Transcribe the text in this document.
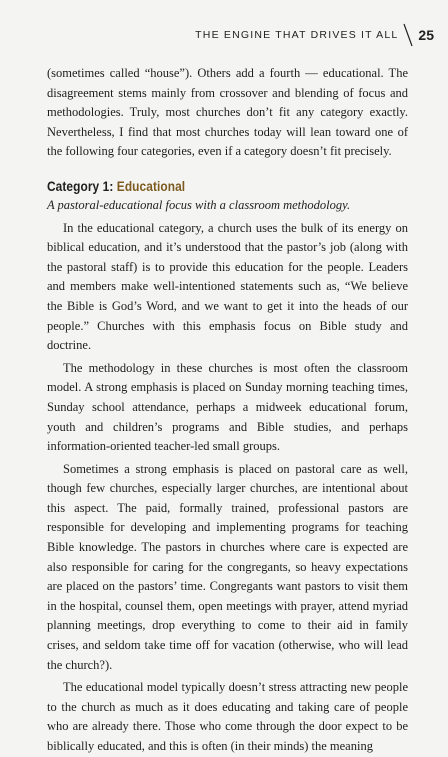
THE ENGINE THAT DRIVES IT ALL 25

(sometimes called “house”). Others add a fourth — educational. The disagreement stems mainly from crossover and blending of focus and methodologies. Truly, most churches don’t fit any category exactly. Nevertheless, I find that most churches today will lean toward one of the following four categories, even if a category doesn’t fit precisely.

Category 1: Educational

A pastoral-educational focus with a classroom methodology.

In the educational category, a church uses the bulk of its energy on biblical education, and it’s understood that the pastor’s job (along with the pastoral staff) is to provide this education for the people. Leaders and members make well-intentioned statements such as, “We believe the Bible is God’s Word, and we want to get it into the heads of our people.” Churches with this emphasis focus on Bible study and doctrine.

The methodology in these churches is most often the classroom model. A strong emphasis is placed on Sunday morning teaching times, Sunday school attendance, perhaps a midweek educational forum, youth and children’s programs and Bible studies, and perhaps information-oriented teacher-led small groups.

Sometimes a strong emphasis is placed on pastoral care as well, though few churches, especially larger churches, are intentional about this aspect. The paid, formally trained, professional pastors are responsible for developing and implementing programs for teaching Bible knowledge. The pastors in churches where care is expected are also responsible for caring for the congregants, so heavy expectations are placed on the pastors’ time. Congregants want pastors to visit them in the hospital, counsel them, open meetings with prayer, attend myriad planning meetings, drop everything to come to their aid in family crises, and seldom take time off for vacation (otherwise, who will lead the church?).

The educational model typically doesn’t stress attracting new people to the church as much as it does educating and taking care of people who are already there. Those who come through the door expect to be biblically educated, and this is often (in their minds) the meaning
